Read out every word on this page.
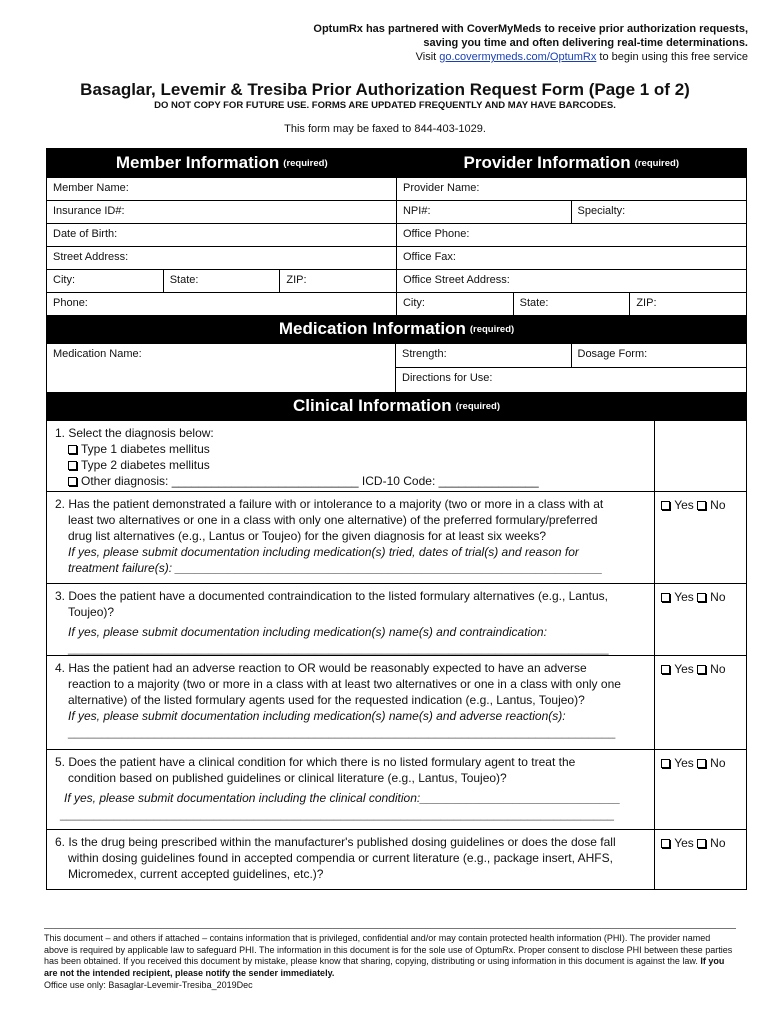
OptumRx has partnered with CoverMyMeds to receive prior authorization requests,
saving you time and often delivering real-time determinations.
Visit go.covermymeds.com/OptumRx to begin using this free service
Basaglar, Levemir & Tresiba Prior Authorization Request Form (Page 1 of 2)
DO NOT COPY FOR FUTURE USE. FORMS ARE UPDATED FREQUENTLY AND MAY HAVE BARCODES.
This form may be faxed to 844-403-1029.
Member Information (required)	Provider Information (required)
Member Name:	Provider Name:
Insurance ID#:	NPI#:	Specialty:
Date of Birth:	Office Phone:
Street Address:	Office Fax:
City:	State:	ZIP:	Office Street Address:
Phone:	City:	State:	ZIP:
Medication Information (required)
Medication Name:	Strength:	Dosage Form:
Directions for Use:
Clinical Information (required)
1. Select the diagnosis below:
Type 1 diabetes mellitus
Type 2 diabetes mellitus
Other diagnosis: ____________________________ ICD-10 Code: _______________
2. Has the patient demonstrated a failure with or intolerance to a majority (two or more in a class with at
least two alternatives or one in a class with only one alternative) of the preferred formulary/preferred
drug list alternatives (e.g., Lantus or Toujeo) for the given diagnosis for at least six weeks?
If yes, please submit documentation including medication(s) tried, dates of trial(s) and reason for
treatment failure(s): ________________________________________________________________
Yes No
3. Does the patient have a documented contraindication to the listed formulary alternatives (e.g., Lantus,
Toujeo)?
If yes, please submit documentation including medication(s) name(s) and contraindication:
_________________________________________________________________________________
Yes No
4. Has the patient had an adverse reaction to OR would be reasonably expected to have an adverse
reaction to a majority (two or more in a class with at least two alternatives or one in a class with only one
alternative) of the listed formulary agents used for the requested indication (e.g., Lantus, Toujeo)?
If yes, please submit documentation including medication(s) name(s) and adverse reaction(s):
__________________________________________________________________________________
Yes No
5. Does the patient have a clinical condition for which there is no listed formulary agent to treat the
condition based on published guidelines or clinical literature (e.g., Lantus, Toujeo)?
If yes, please submit documentation including the clinical condition:______________________________
___________________________________________________________________________________
Yes No
6. Is the drug being prescribed within the manufacturer's published dosing guidelines or does the dose fall
within dosing guidelines found in accepted compendia or current literature (e.g., package insert, AHFS,
Micromedex, current accepted guidelines, etc.)?
Yes No
This document – and others if attached – contains information that is privileged, confidential and/or may contain protected health information (PHI). The provider named above is required by applicable law to safeguard PHI. The information in this document is for the sole use of OptumRx. Proper consent to disclose PHI between these parties has been obtained. If you received this document by mistake, please know that sharing, copying, distributing or using information in this document is against the law. If you are not the intended recipient, please notify the sender immediately.
Office use only: Basaglar-Levemir-Tresiba_2019Dec
